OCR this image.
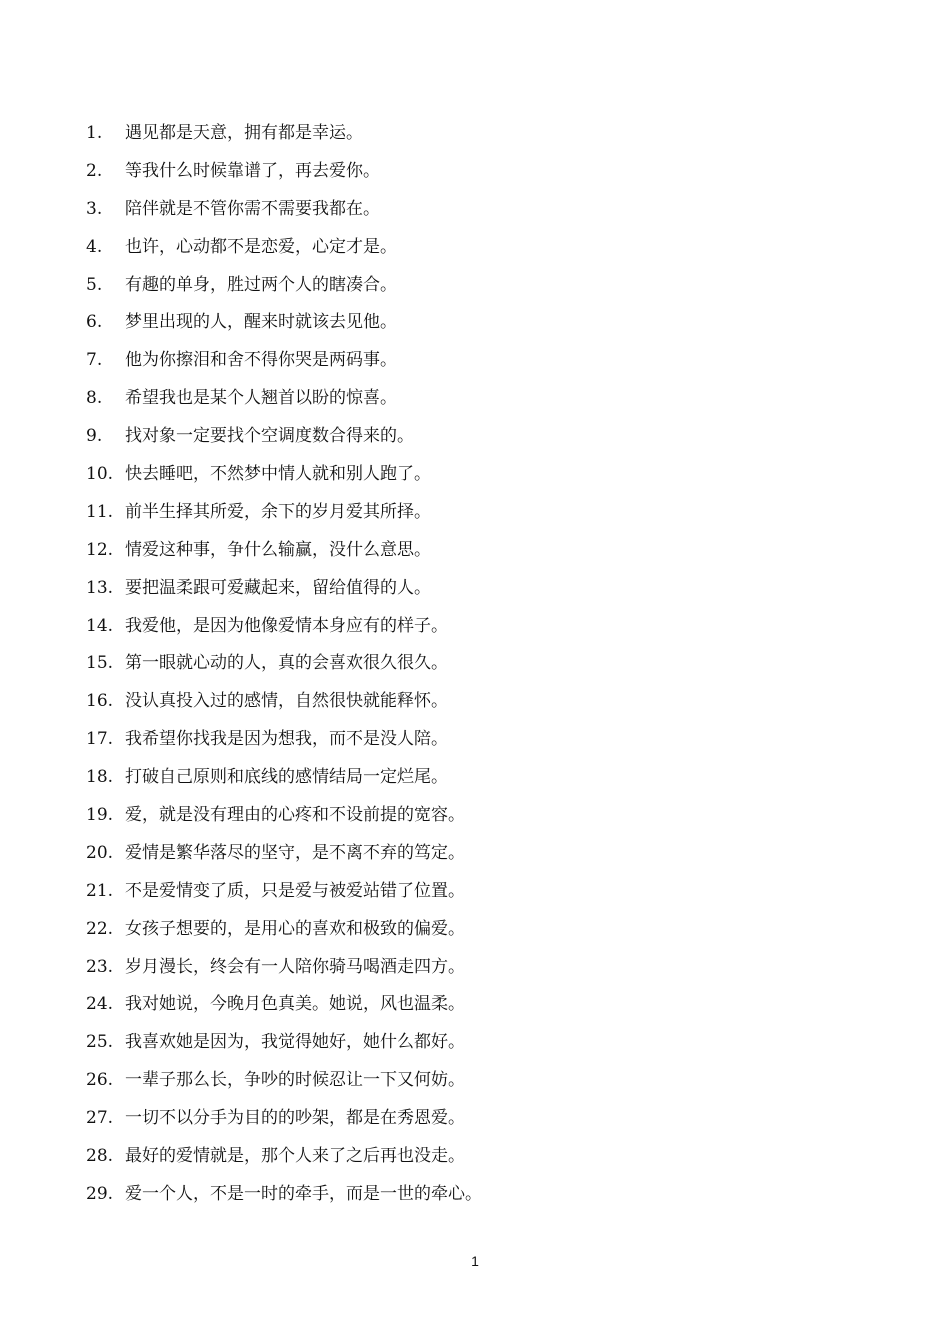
1.	遇见都是天意，拥有都是幸运。
2.	等我什么时候靠谱了，再去爱你。
3.	陪伴就是不管你需不需要我都在。
4.	也许，心动都不是恋爱，心定才是。
5.	有趣的单身，胜过两个人的瞎凑合。
6.	梦里出现的人，醒来时就该去见他。
7.	他为你擦泪和舍不得你哭是两码事。
8.	希望我也是某个人翘首以盼的惊喜。
9.	找对象一定要找个空调度数合得来的。
10. 快去睡吧，不然梦中情人就和别人跑了。
11. 前半生择其所爱，余下的岁月爱其所择。
12. 情爱这种事，争什么输赢，没什么意思。
13. 要把温柔跟可爱藏起来，留给值得的人。
14. 我爱他，是因为他像爱情本身应有的样子。
15. 第一眼就心动的人，真的会喜欢很久很久。
16. 没认真投入过的感情，自然很快就能释怀。
17. 我希望你找我是因为想我，而不是没人陪。
18. 打破自己原则和底线的感情结局一定烂尾。
19. 爱，就是没有理由的心疼和不设前提的宽容。
20. 爱情是繁华落尽的坚守，是不离不弃的笃定。
21. 不是爱情变了质，只是爱与被爱站错了位置。
22. 女孩子想要的，是用心的喜欢和极致的偏爱。
23. 岁月漫长，终会有一人陪你骑马喝酒走四方。
24. 我对她说，今晚月色真美。她说，风也温柔。
25. 我喜欢她是因为，我觉得她好，她什么都好。
26. 一辈子那么长，争吵的时候忍让一下又何妨。
27. 一切不以分手为目的的吵架，都是在秀恩爱。
28. 最好的爱情就是，那个人来了之后再也没走。
29. 爱一个人，不是一时的牵手，而是一世的牵心。
1
